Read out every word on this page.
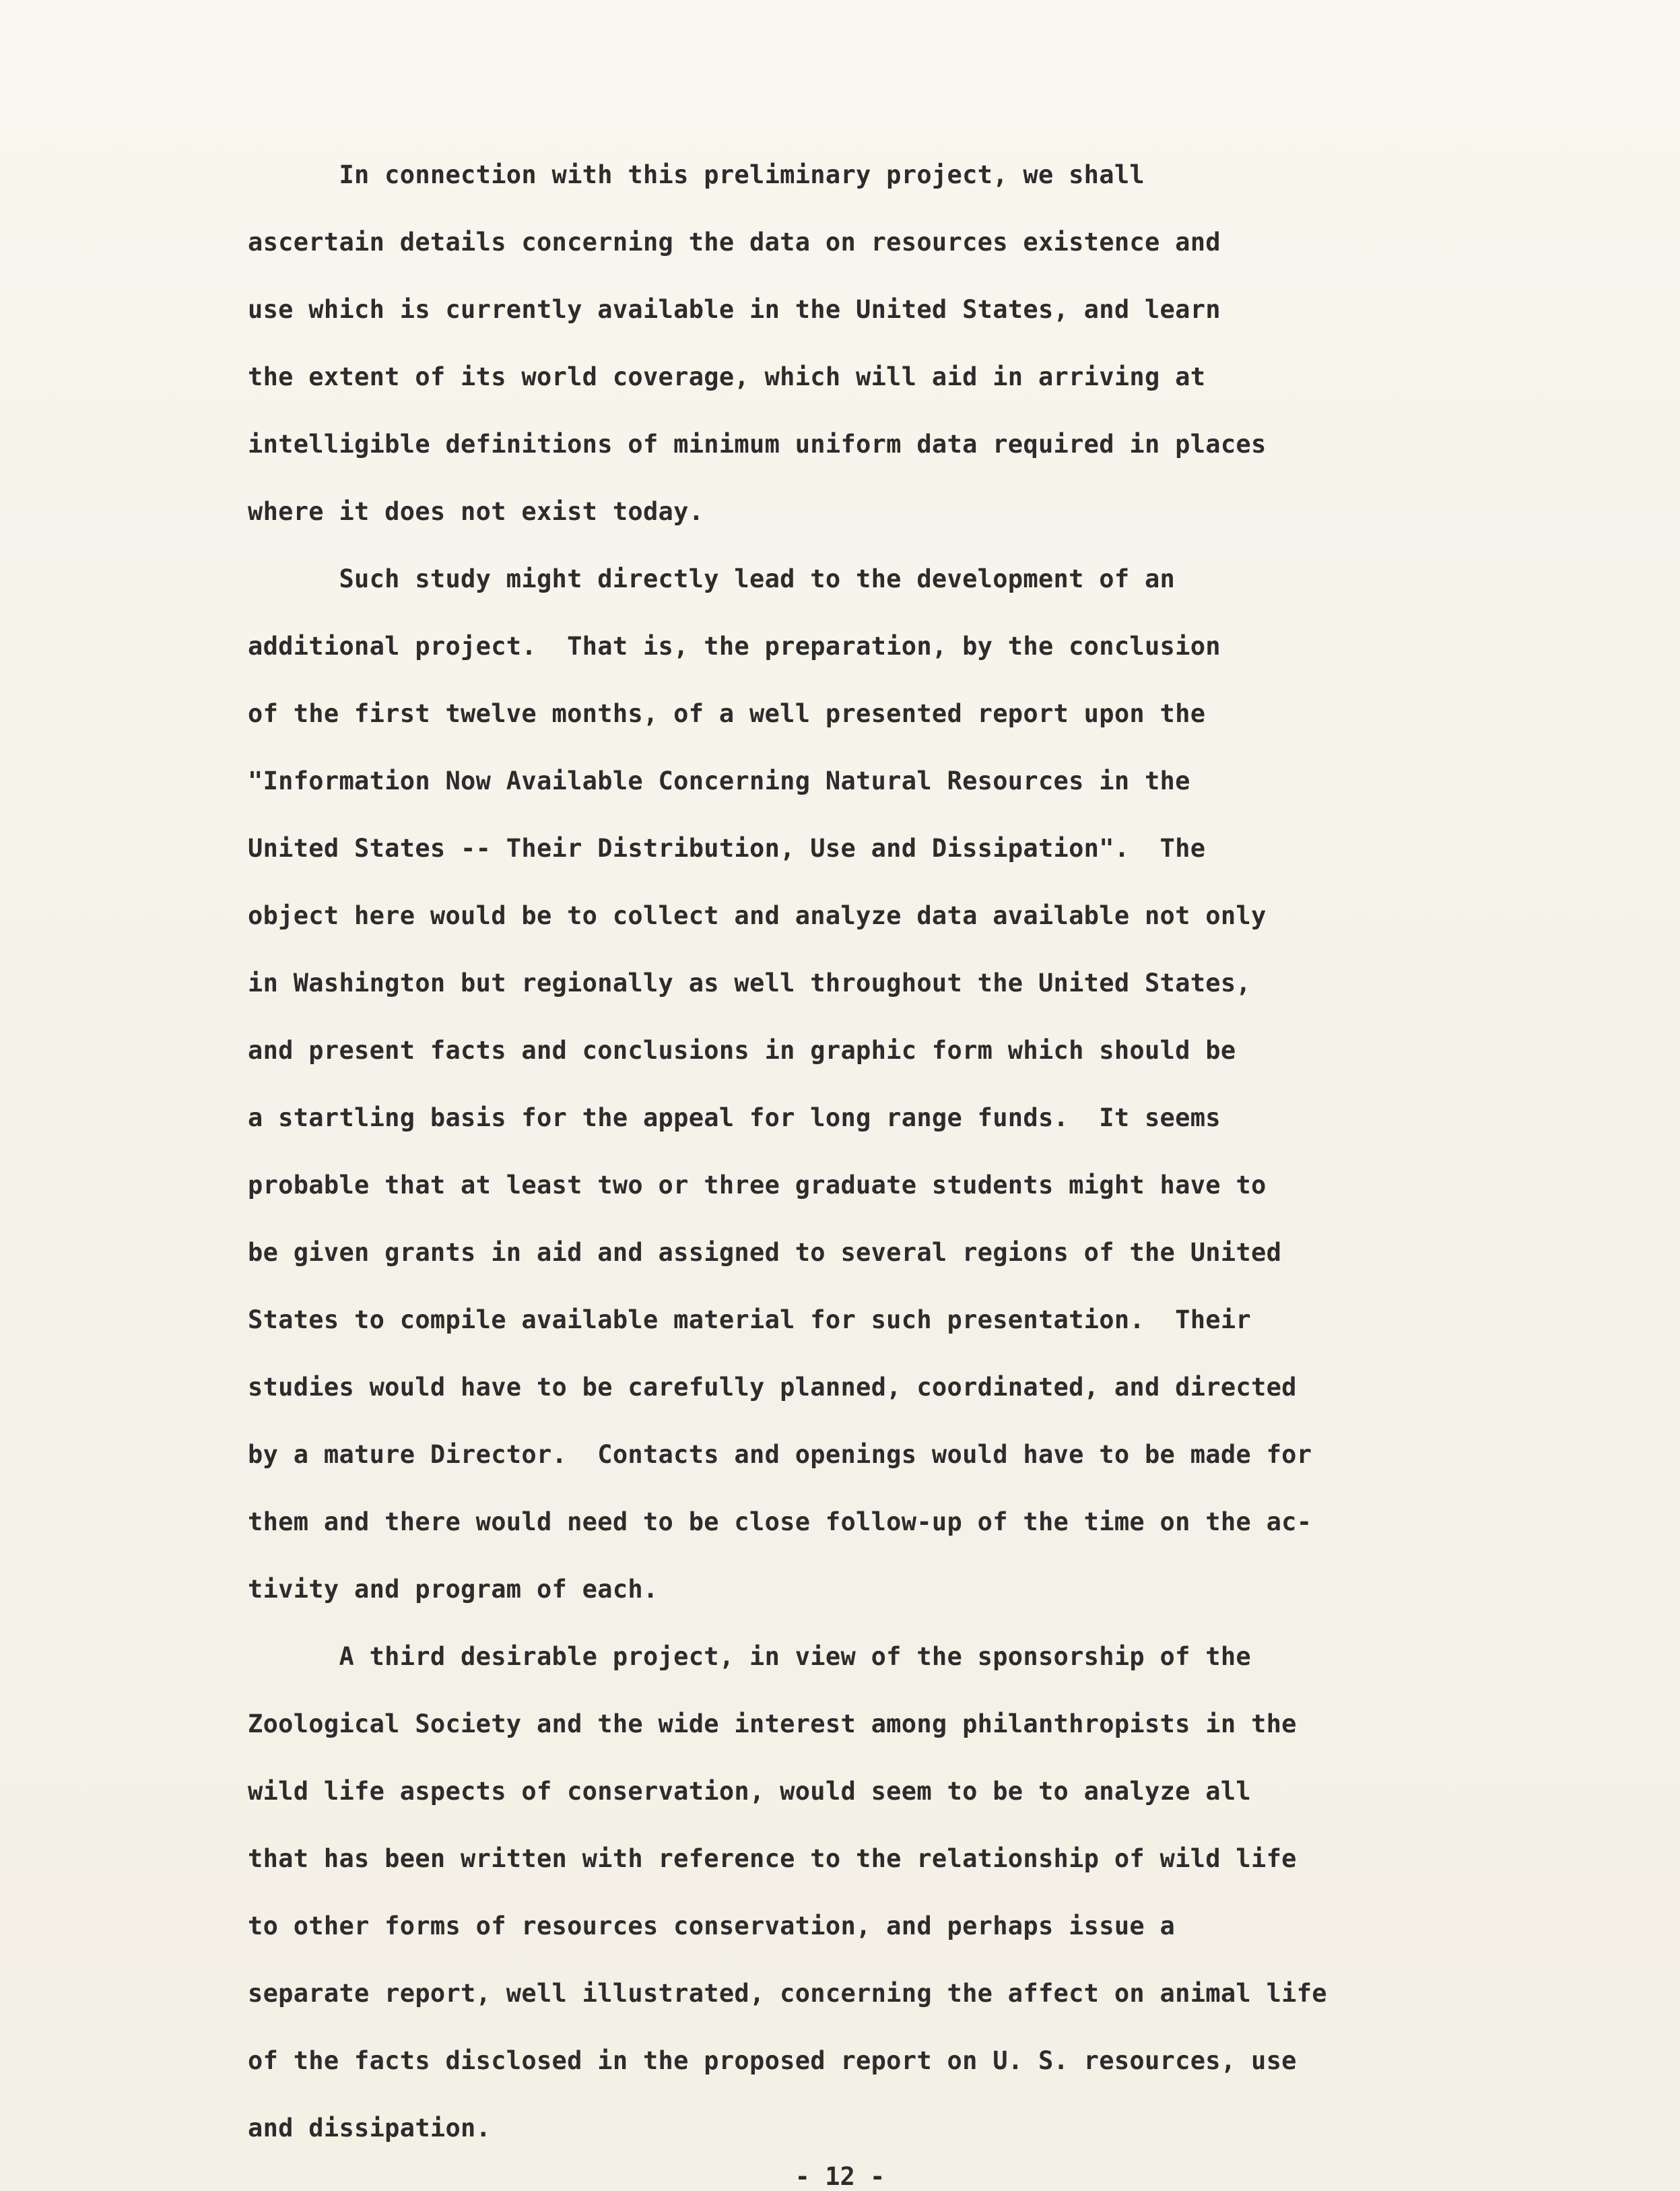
In connection with this preliminary project, we shall
ascertain details concerning the data on resources existence and
use which is currently available in the United States, and learn
the extent of its world coverage, which will aid in arriving at
intelligible definitions of minimum uniform data required in places
where it does not exist today.
Such study might directly lead to the development of an
additional project.  That is, the preparation, by the conclusion
of the first twelve months, of a well presented report upon the
"Information Now Available Concerning Natural Resources in the
United States -- Their Distribution, Use and Dissipation".  The
object here would be to collect and analyze data available not only
in Washington but regionally as well throughout the United States,
and present facts and conclusions in graphic form which should be
a startling basis for the appeal for long range funds.  It seems
probable that at least two or three graduate students might have to
be given grants in aid and assigned to several regions of the United
States to compile available material for such presentation.  Their
studies would have to be carefully planned, coordinated, and directed
by a mature Director.  Contacts and openings would have to be made for
them and there would need to be close follow-up of the time on the ac-
tivity and program of each.
A third desirable project, in view of the sponsorship of the
Zoological Society and the wide interest among philanthropists in the
wild life aspects of conservation, would seem to be to analyze all
that has been written with reference to the relationship of wild life
to other forms of resources conservation, and perhaps issue a
separate report, well illustrated, concerning the affect on animal life
of the facts disclosed in the proposed report on U. S. resources, use
and dissipation.
- 12 -
